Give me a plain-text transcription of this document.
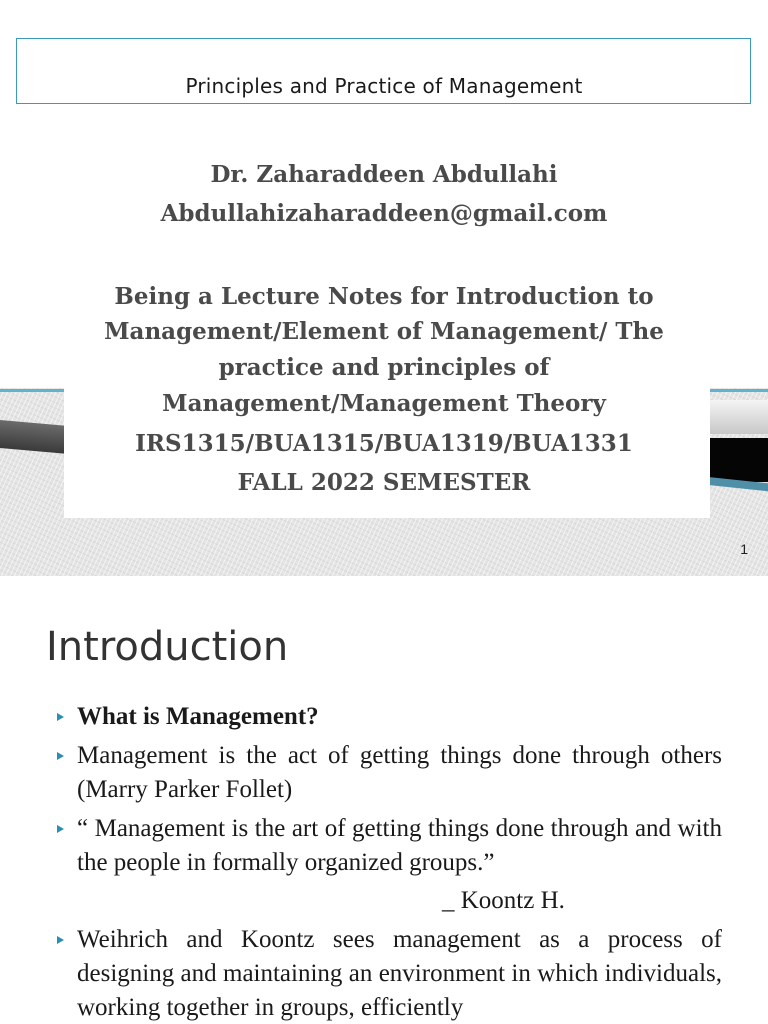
Principles and Practice of Management
Dr. Zaharaddeen Abdullahi
Abdullahizaharaddeen@gmail.com
Being a Lecture Notes for Introduction to
Management/Element of Management/ The
practice and principles of
Management/Management Theory
IRS1315/BUA1315/BUA1319/BUA1331
FALL 2022 SEMESTER
1
Introduction
What is Management?
Management is the act of getting things done through others (Marry Parker Follet)
“ Management is the art of getting things done through and with the people in formally organized groups.”
_ Koontz H.
Weihrich and Koontz sees management as a process of designing and maintaining an environment in which individuals, working together in groups, efficiently
